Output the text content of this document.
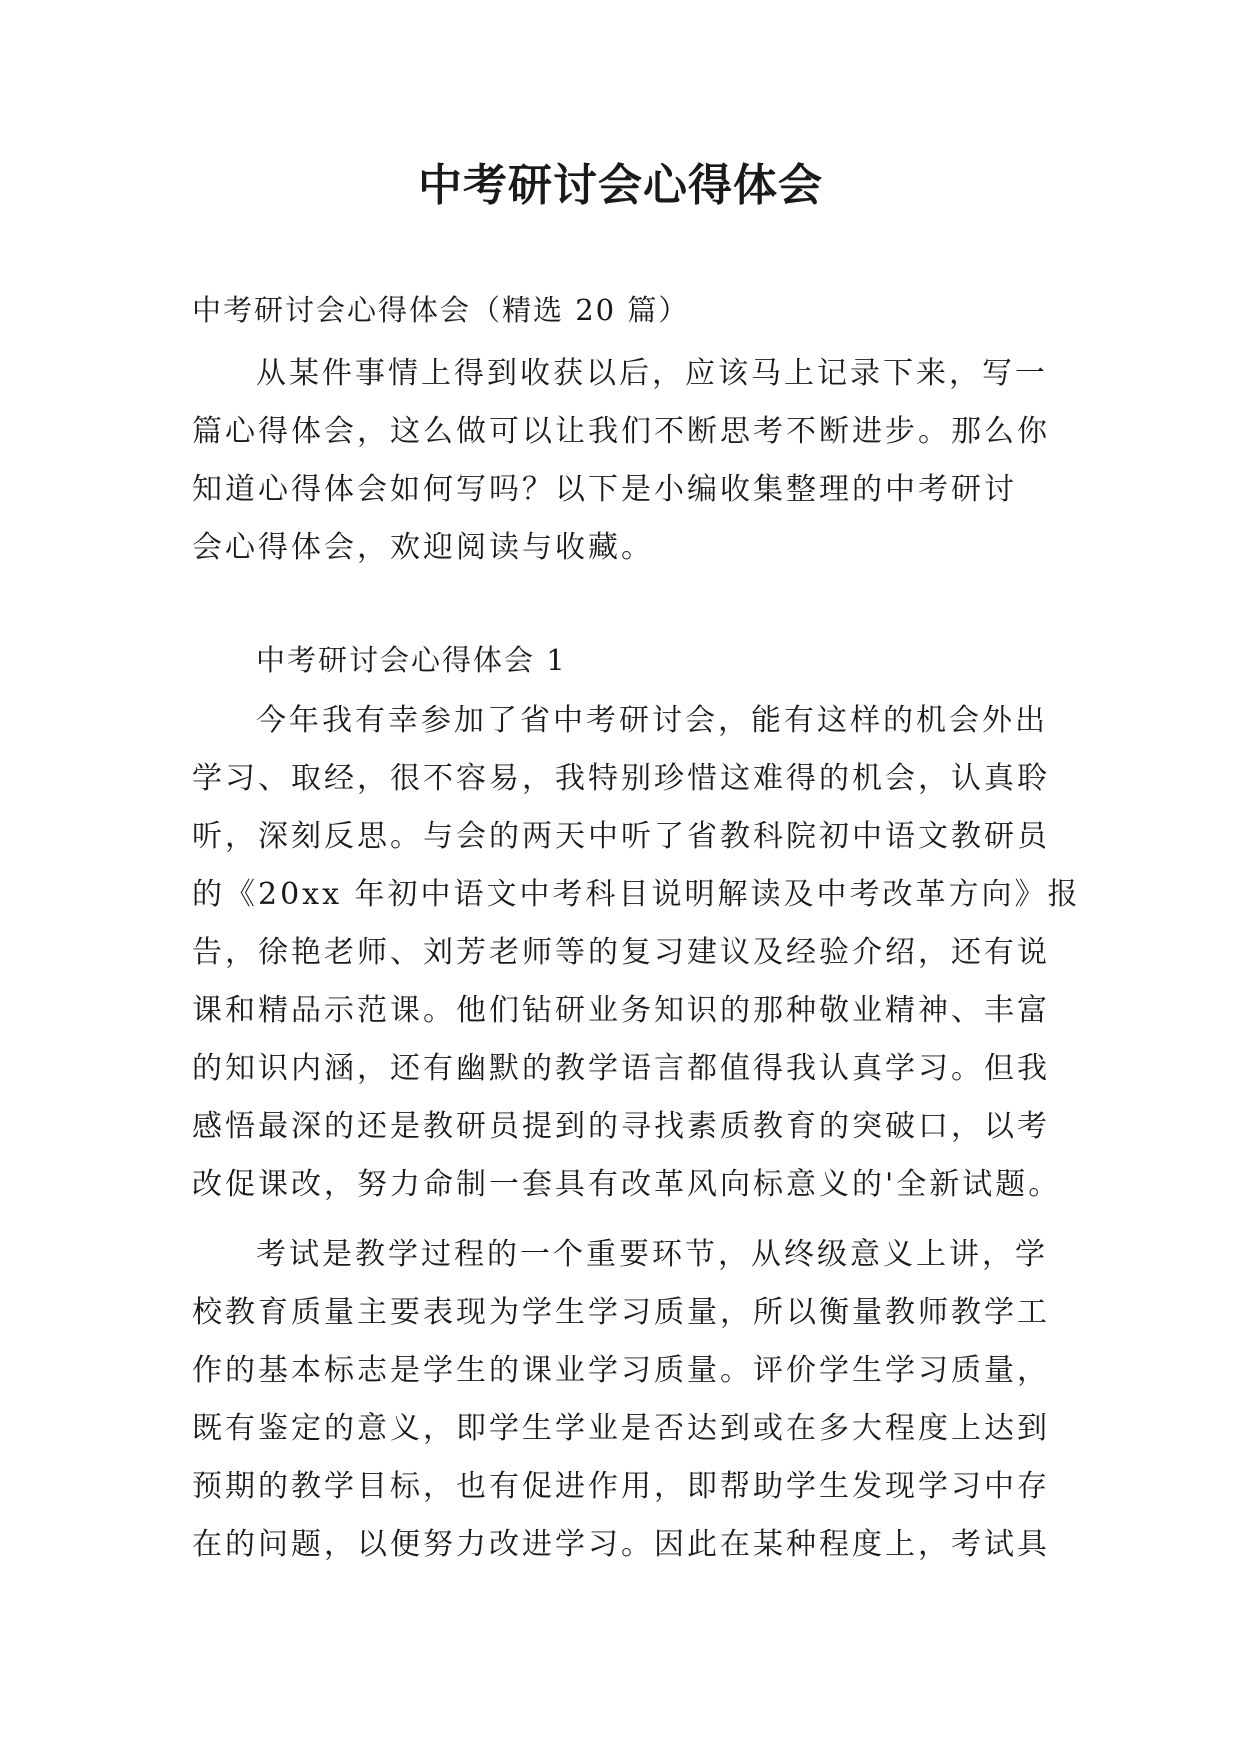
中考研讨会心得体会

中考研讨会心得体会（精选 20 篇）

从某件事情上得到收获以后，应该马上记录下来，写一
篇心得体会，这么做可以让我们不断思考不断进步。那么你
知道心得体会如何写吗？以下是小编收集整理的中考研讨
会心得体会，欢迎阅读与收藏。

中考研讨会心得体会 1

今年我有幸参加了省中考研讨会，能有这样的机会外出
学习、取经，很不容易，我特别珍惜这难得的机会，认真聆
听，深刻反思。与会的两天中听了省教科院初中语文教研员
的《20xx 年初中语文中考科目说明解读及中考改革方向》报
告，徐艳老师、刘芳老师等的复习建议及经验介绍，还有说
课和精品示范课。他们钻研业务知识的那种敬业精神、丰富
的知识内涵，还有幽默的教学语言都值得我认真学习。但我
感悟最深的还是教研员提到的寻找素质教育的突破口，以考
改促课改，努力命制一套具有改革风向标意义的'全新试题。
考试是教学过程的一个重要环节，从终级意义上讲，学
校教育质量主要表现为学生学习质量，所以衡量教师教学工
作的基本标志是学生的课业学习质量。评价学生学习质量，
既有鉴定的意义，即学生学业是否达到或在多大程度上达到
预期的教学目标，也有促进作用，即帮助学生发现学习中存
在的问题，以便努力改进学习。因此在某种程度上，考试具
